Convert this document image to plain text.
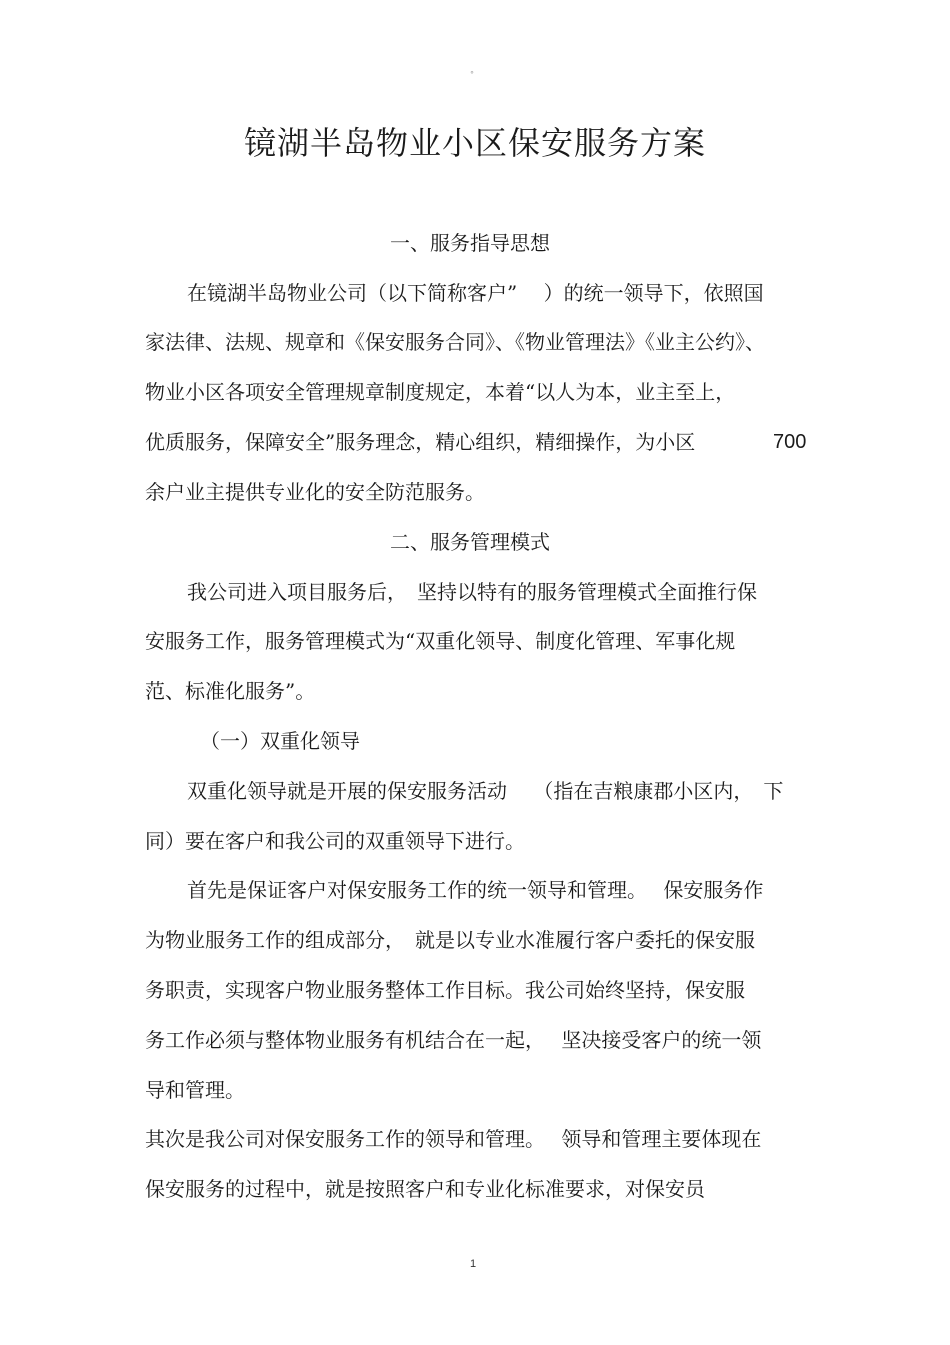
°
镜湖半岛物业小区保安服务方案
一、服务指导思想
在镜湖半岛物业公司（以下简称客户”　 ）的统一领导下，依照国
家法律、法规、规章和《保安服务合同》、《物业管理法》《业主公约》、
物业小区各项安全管理规章制度规定，本着“以人为本，业主至上，
优质服务，保障安全”服务理念，精心组织，精细操作，为小区	700
余户业主提供专业化的安全防范服务。
二、服务管理模式
我公司进入项目服务后，　坚持以特有的服务管理模式全面推行保
安服务工作，服务管理模式为“双重化领导、制度化管理、军事化规
范、标准化服务”。
（一）双重化领导
双重化领导就是开展的保安服务活动　 （指在吉粮康郡小区内，　下
同）要在客户和我公司的双重领导下进行。
首先是保证客户对保安服务工作的统一领导和管理。　 保安服务作
为物业服务工作的组成部分，　就是以专业水准履行客户委托的保安服
务职责，实现客户物业服务整体工作目标。我公司始终坚持，保安服
务工作必须与整体物业服务有机结合在一起，　 坚决接受客户的统一领
导和管理。
其次是我公司对保安服务工作的领导和管理。　 领导和管理主要体现在
保安服务的过程中，就是按照客户和专业化标准要求，对保安员
1
